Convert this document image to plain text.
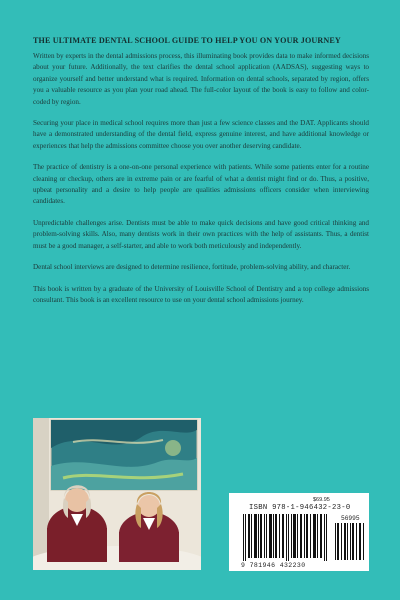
THE ULTIMATE DENTAL SCHOOL GUIDE TO HELP YOU ON YOUR JOURNEY

Written by experts in the dental admissions process, this illuminating book provides data to make informed decisions about your future. Additionally, the text clarifies the dental school application (AADSAS), suggesting ways to organize yourself and better understand what is required. Information on dental schools, separated by region, offers you a valuable resource as you plan your road ahead. The full-color layout of the book is easy to follow and color-coded by region.

Securing your place in medical school requires more than just a few science classes and the DAT. Applicants should have a demonstrated understanding of the dental field, express genuine interest, and have additional knowledge or experiences that help the admissions committee choose you over another deserving candidate.

The practice of dentistry is a one-on-one personal experience with patients. While some patients enter for a routine cleaning or checkup, others are in extreme pain or are fearful of what a dentist might find or do. Thus, a positive, upbeat personality and a desire to help people are qualities admissions officers consider when interviewing candidates.

Unpredictable challenges arise. Dentists must be able to make quick decisions and have good critical thinking and problem-solving skills. Also, many dentists work in their own practices with the help of assistants. Thus, a dentist must be a good manager, a self-starter, and able to work both meticulously and independently.

Dental school interviews are designed to determine resilience, fortitude, problem-solving ability, and character.

This book is written by a graduate of the University of Louisville School of Dentistry and a top college admissions consultant. This book is an excellent resource to use on your dental school admissions journey.

$69.95
ISBN 978-1-946432-23-0
56995
9 781946 432230
